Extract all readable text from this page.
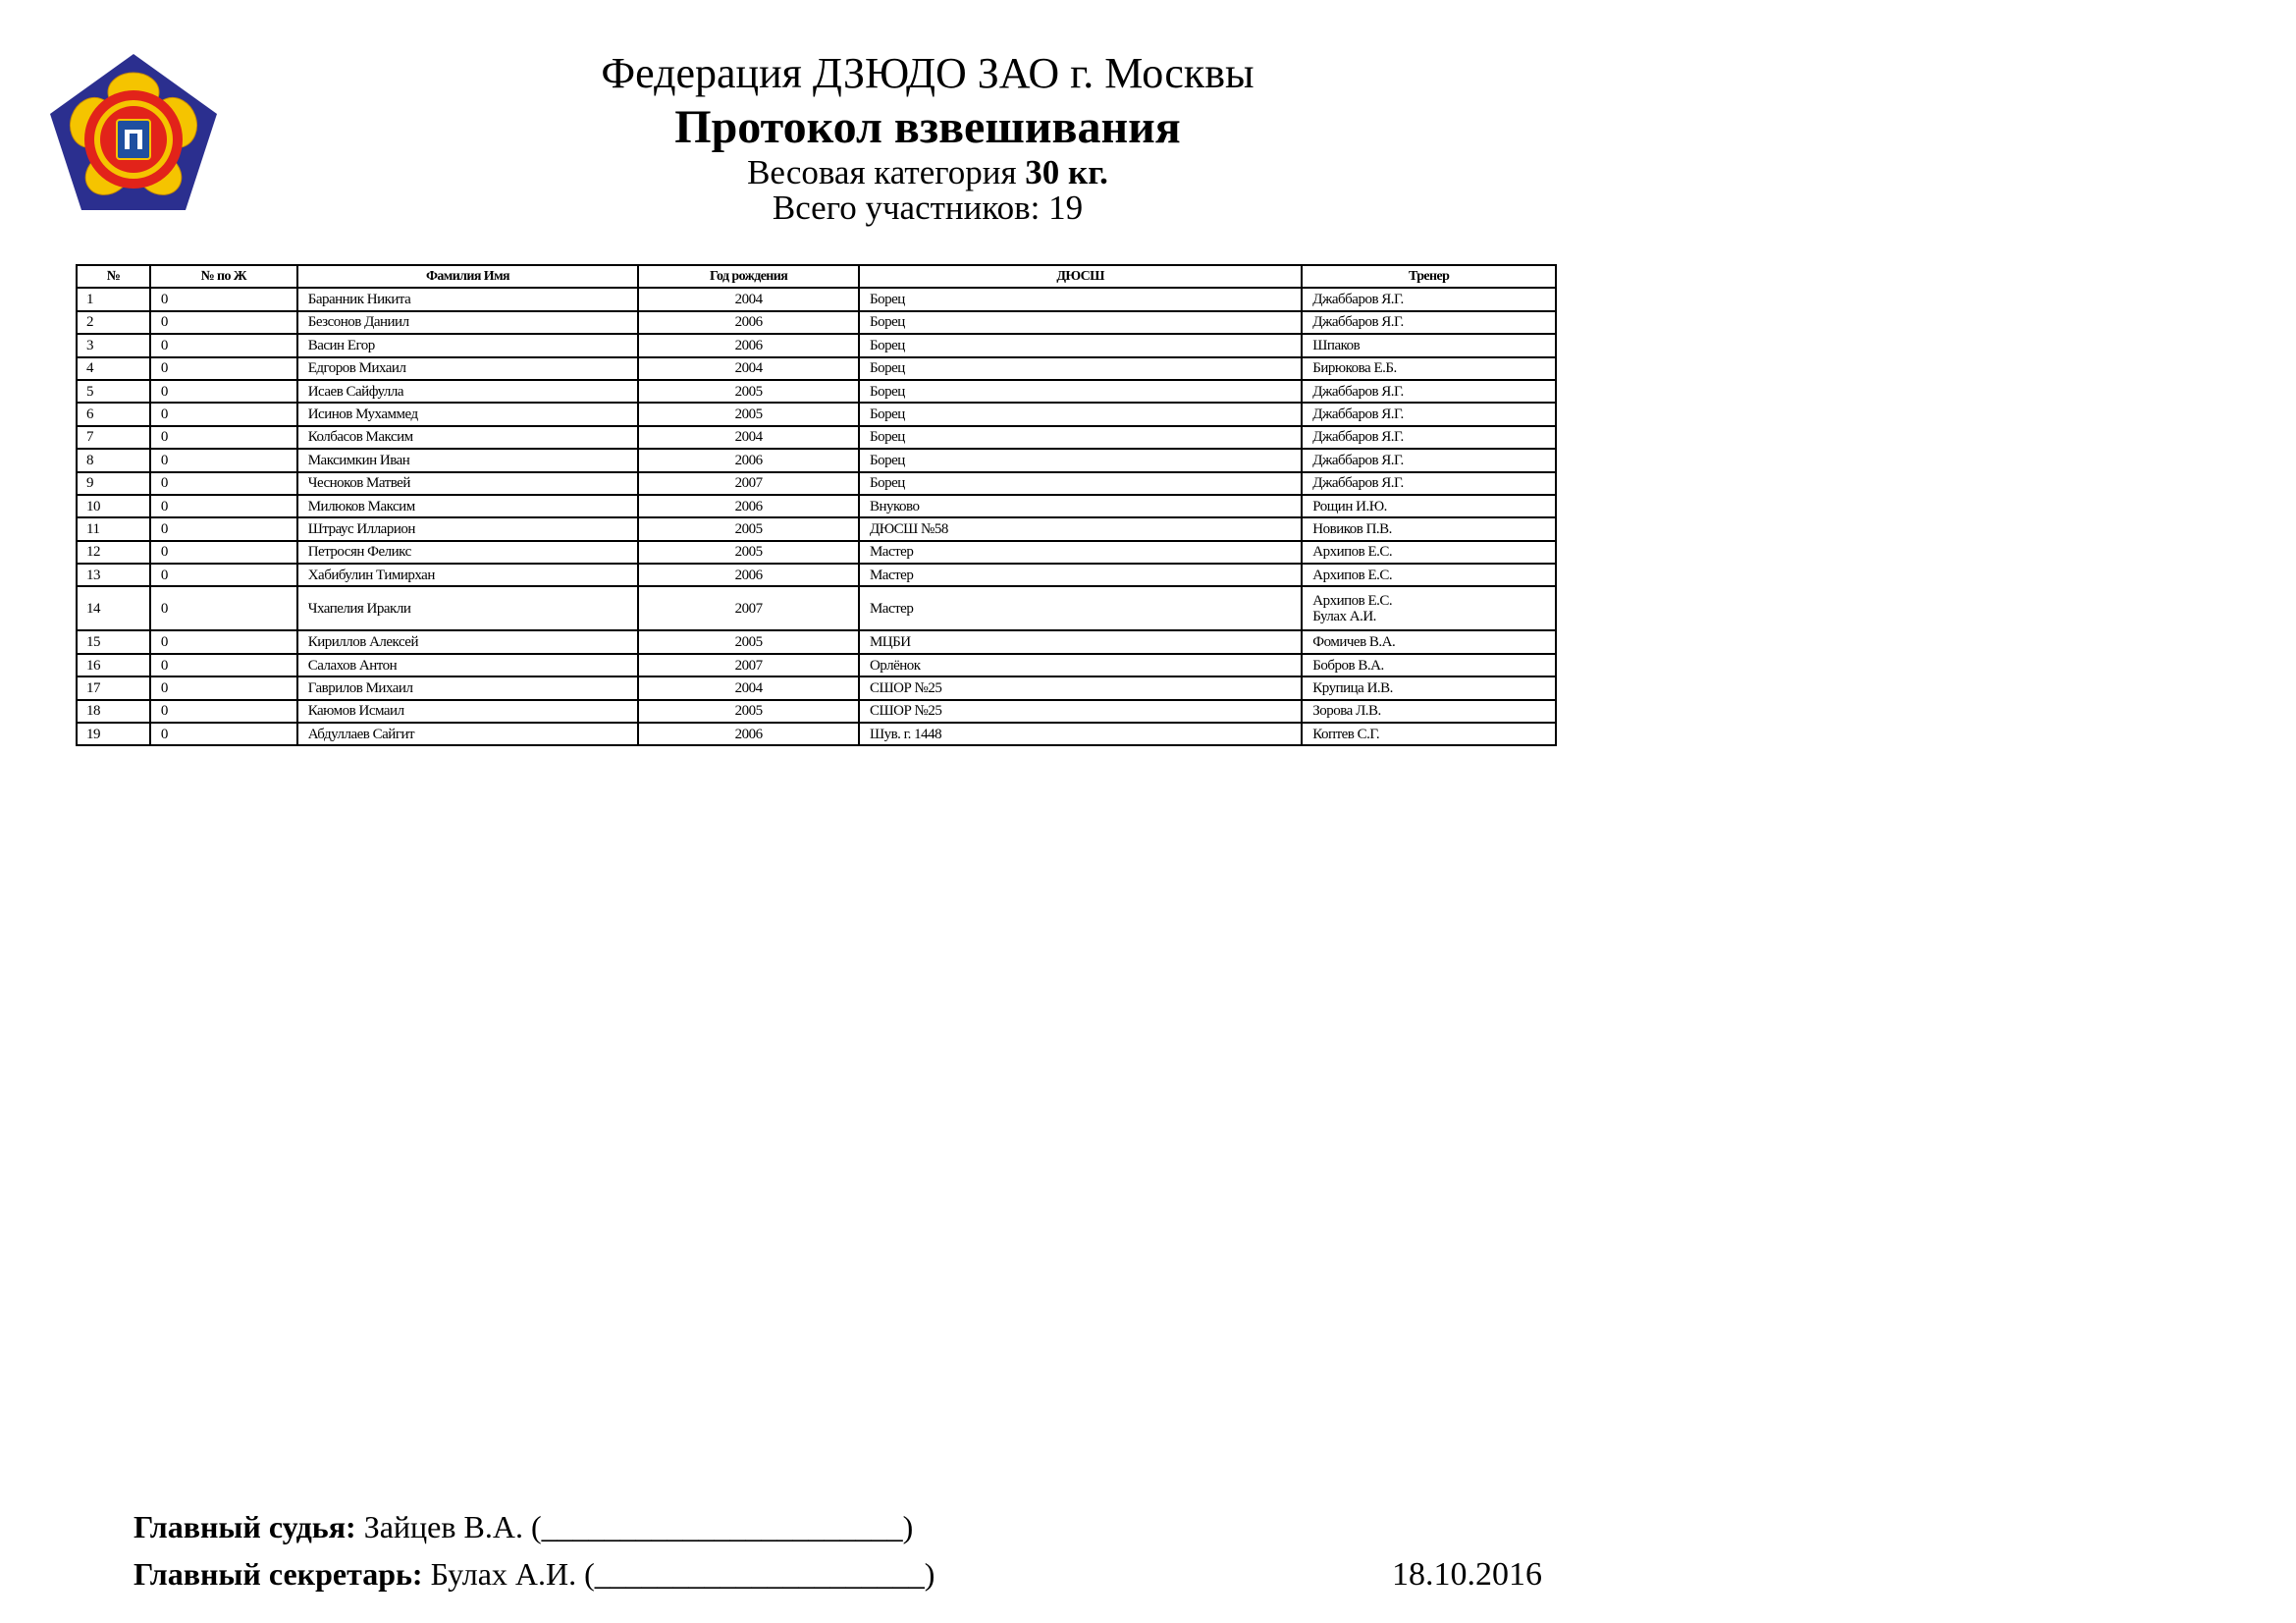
Федерация ДЗЮДО ЗАО г. Москвы
Протокол взвешивания
Весовая категория 30 кг.
Всего участников: 19
№	№ по Ж	Фамилия Имя	Год рождения	ДЮСШ	Тренер
1	0	Баранник Никита	2004	Борец	Джаббаров Я.Г.
2	0	Безсонов Даниил	2006	Борец	Джаббаров Я.Г.
3	0	Васин Егор	2006	Борец	Шпаков
4	0	Едгоров Михаил	2004	Борец	Бирюкова Е.Б.
5	0	Исаев Сайфулла	2005	Борец	Джаббаров Я.Г.
6	0	Исинов Мухаммед	2005	Борец	Джаббаров Я.Г.
7	0	Колбасов Максим	2004	Борец	Джаббаров Я.Г.
8	0	Максимкин Иван	2006	Борец	Джаббаров Я.Г.
9	0	Чесноков Матвей	2007	Борец	Джаббаров Я.Г.
10	0	Милюков Максим	2006	Внуково	Рощин И.Ю.
11	0	Штраус Илларион	2005	ДЮСШ №58	Новиков П.В.
12	0	Петросян Феликс	2005	Мастер	Архипов Е.С.
13	0	Хабибулин Тимирхан	2006	Мастер	Архипов Е.С.
14	0	Чхапелия Иракли	2007	Мастер	Архипов Е.С.
Булах А.И.

15	0	Кириллов Алексей	2005	МЦБИ	Фомичев В.А.
16	0	Салахов Антон	2007	Орлёнок	Бобров В.А.
17	0	Гаврилов Михаил	2004	СШОР №25	Крупица И.В.
18	0	Каюмов Исмаил	2005	СШОР №25	Зорова Л.В.
19	0	Абдуллаев Сайгит	2006	Шув. г. 1448	Коптев С.Г.
Главный судья: Зайцев В.А. (_______________________)
Главный секретарь: Булах А.И. (_____________________)	18.10.2016
